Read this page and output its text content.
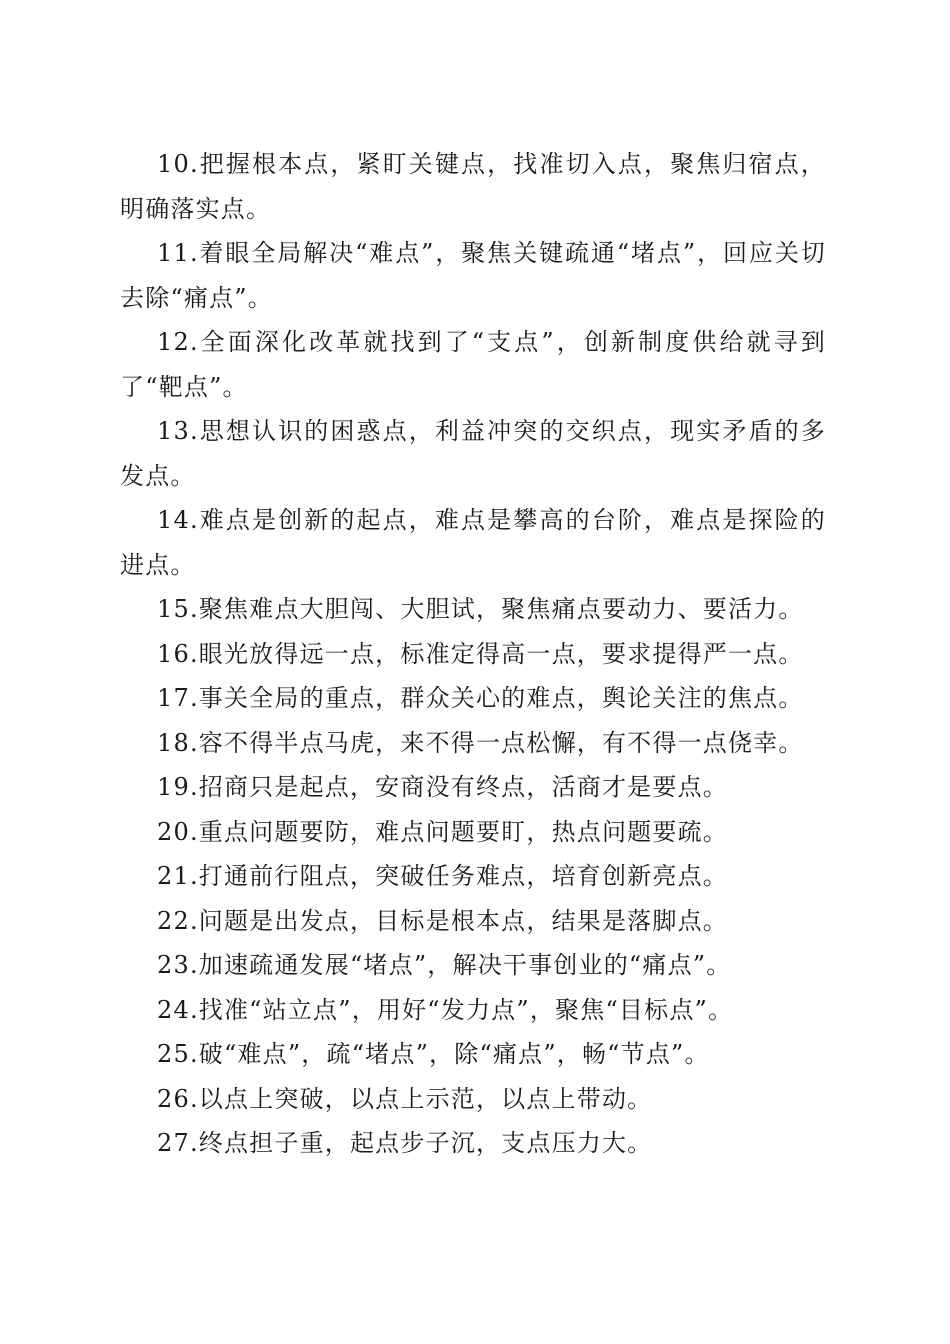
10.把握根本点，紧盯关键点，找准切入点，聚焦归宿点，明确落实点。

11.着眼全局解决“难点”，聚焦关键疏通“堵点”，回应关切去除“痛点”。

12.全面深化改革就找到了“支点”，创新制度供给就寻到了“靶点”。

13.思想认识的困惑点，利益冲突的交织点，现实矛盾的多发点。

14.难点是创新的起点，难点是攀高的台阶，难点是探险的进点。

15.聚焦难点大胆闯、大胆试，聚焦痛点要动力、要活力。

16.眼光放得远一点，标准定得高一点，要求提得严一点。

17.事关全局的重点，群众关心的难点，舆论关注的焦点。

18.容不得半点马虎，来不得一点松懈，有不得一点侥幸。

19.招商只是起点，安商没有终点，活商才是要点。

20.重点问题要防，难点问题要盯，热点问题要疏。

21.打通前行阻点，突破任务难点，培育创新亮点。

22.问题是出发点，目标是根本点，结果是落脚点。

23.加速疏通发展“堵点”，解决干事创业的“痛点”。

24.找准“站立点”，用好“发力点”，聚焦“目标点”。

25.破“难点”，疏“堵点”，除“痛点”，畅“节点”。

26.以点上突破，以点上示范，以点上带动。

27.终点担子重，起点步子沉，支点压力大。
